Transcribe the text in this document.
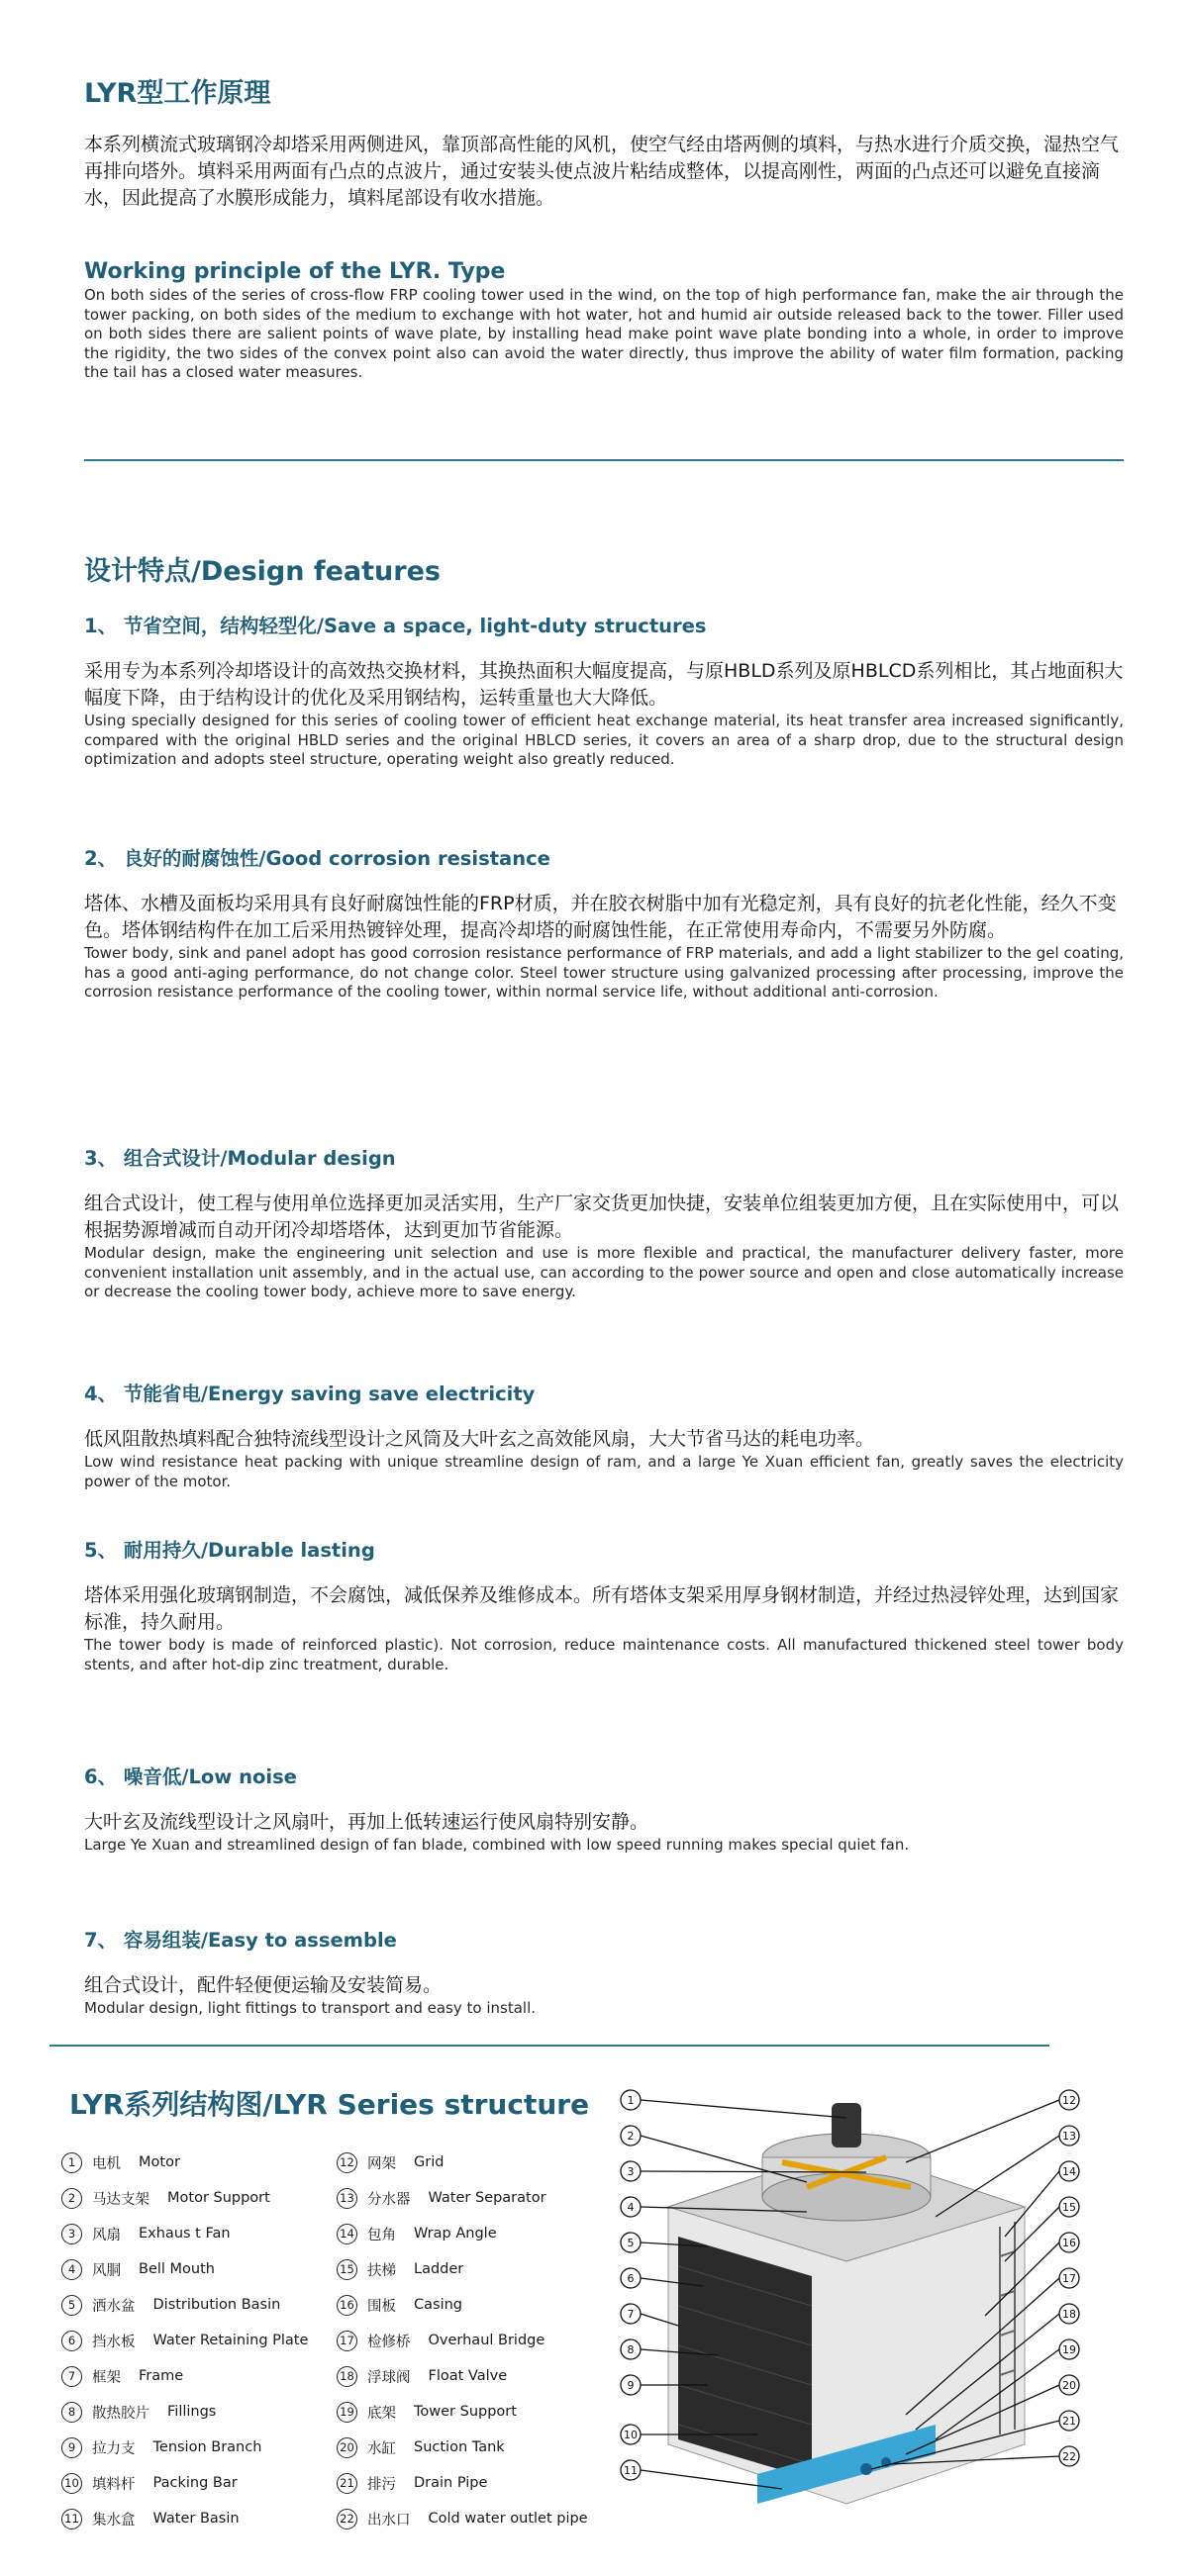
LYR型工作原理

本系列横流式玻璃钢冷却塔采用两侧进风，靠顶部高性能的风机，使空气经由塔两侧的填料，与热水进行介质交换，湿热空气再排向塔外。填料采用两面有凸点的点波片，通过安装头使点波片粘结成整体，以提高刚性，两面的凸点还可以避免直接滴水，因此提高了水膜形成能力，填料尾部设有收水措施。

Working principle of the LYR. Type

On both sides of the series of cross-flow FRP cooling tower used in the wind, on the top of high performance fan, make the air through the tower packing, on both sides of the medium to exchange with hot water, hot and humid air outside released back to the tower. Filler used on both sides there are salient points of wave plate, by installing head make point wave plate bonding into a whole, in order to improve the rigidity, the two sides of the convex point also can avoid the water directly, thus improve the ability of water film formation, packing the tail has a closed water measures.

设计特点/Design features

1、 节省空间，结构轻型化/Save a space, light-duty structures

采用专为本系列冷却塔设计的高效热交换材料，其换热面积大幅度提高，与原HBLD系列及原HBLCD系列相比，其占地面积大幅度下降，由于结构设计的优化及采用钢结构，运转重量也大大降低。

Using specially designed for this series of cooling tower of efficient heat exchange material, its heat transfer area increased significantly, compared with the original HBLD series and the original HBLCD series, it covers an area of a sharp drop, due to the structural design optimization and adopts steel structure, operating weight also greatly reduced.

2、 良好的耐腐蚀性/Good corrosion resistance

塔体、水槽及面板均采用具有良好耐腐蚀性能的FRP材质，并在胶衣树脂中加有光稳定剂，具有良好的抗老化性能，经久不变色。塔体钢结构件在加工后采用热镀锌处理，提高冷却塔的耐腐蚀性能，在正常使用寿命内，不需要另外防腐。

Tower body, sink and panel adopt has good corrosion resistance performance of FRP materials, and add a light stabilizer to the gel coating, has a good anti-aging performance, do not change color. Steel tower structure using galvanized processing after processing, improve the corrosion resistance performance of the cooling tower, within normal service life, without additional anti-corrosion.

3、 组合式设计/Modular design

组合式设计，使工程与使用单位选择更加灵活实用，生产厂家交货更加快捷，安装单位组装更加方便，且在实际使用中，可以根据势源增减而自动开闭冷却塔塔体，达到更加节省能源。

Modular design, make the engineering unit selection and use is more flexible and practical, the manufacturer delivery faster, more convenient installation unit assembly, and in the actual use, can according to the power source and open and close automatically increase or decrease the cooling tower body, achieve more to save energy.

4、 节能省电/Energy saving save electricity

低风阻散热填料配合独特流线型设计之风筒及大叶玄之高效能风扇，大大节省马达的耗电功率。

Low wind resistance heat packing with unique streamline design of ram, and a large Ye Xuan efficient fan, greatly saves the electricity power of the motor.

5、 耐用持久/Durable lasting

塔体采用强化玻璃钢制造，不会腐蚀，减低保养及维修成本。所有塔体支架采用厚身钢材制造，并经过热浸锌处理，达到国家标准，持久耐用。

The tower body is made of reinforced plastic). Not corrosion, reduce maintenance costs. All manufactured thickened steel tower body stents, and after hot-dip zinc treatment, durable.

6、 噪音低/Low noise

大叶玄及流线型设计之风扇叶，再加上低转速运行使风扇特别安静。

Large Ye Xuan and streamlined design of fan blade, combined with low speed running makes special quiet fan.

7、 容易组装/Easy to assemble

组合式设计，配件轻便便运输及安装简易。

Modular design, light fittings to transport and easy to install.

LYR系列结构图/LYR Series structure
1	电机 Motor
2	马达支架 Motor Support
3	风扇 Exhaus t Fan
4	风胴 Bell Mouth
5	洒水盆 Distribution Basin
6	挡水板 Water Retaining Plate
7	框架 Frame
8	散热胶片 Fillings
9	拉力支 Tension Branch
10 填料杆 Packing Bar
11 集水盒 Water Basin
12 网架 Grid
13 分水器 Water Separator
14 包角 Wrap Angle
15 扶梯 Ladder
16 围板 Casing
17 检修桥 Overhaul Bridge
18 浮球阀 Float Valve
19 底架 Tower Support
20 水缸 Suction Tank
21 排污 Drain Pipe
22 出水口 Cold water outlet pipe
1
2
3
4
5
6
7
8
9
10
11
12
13
14
15
16
17
18
19
20
21
22
